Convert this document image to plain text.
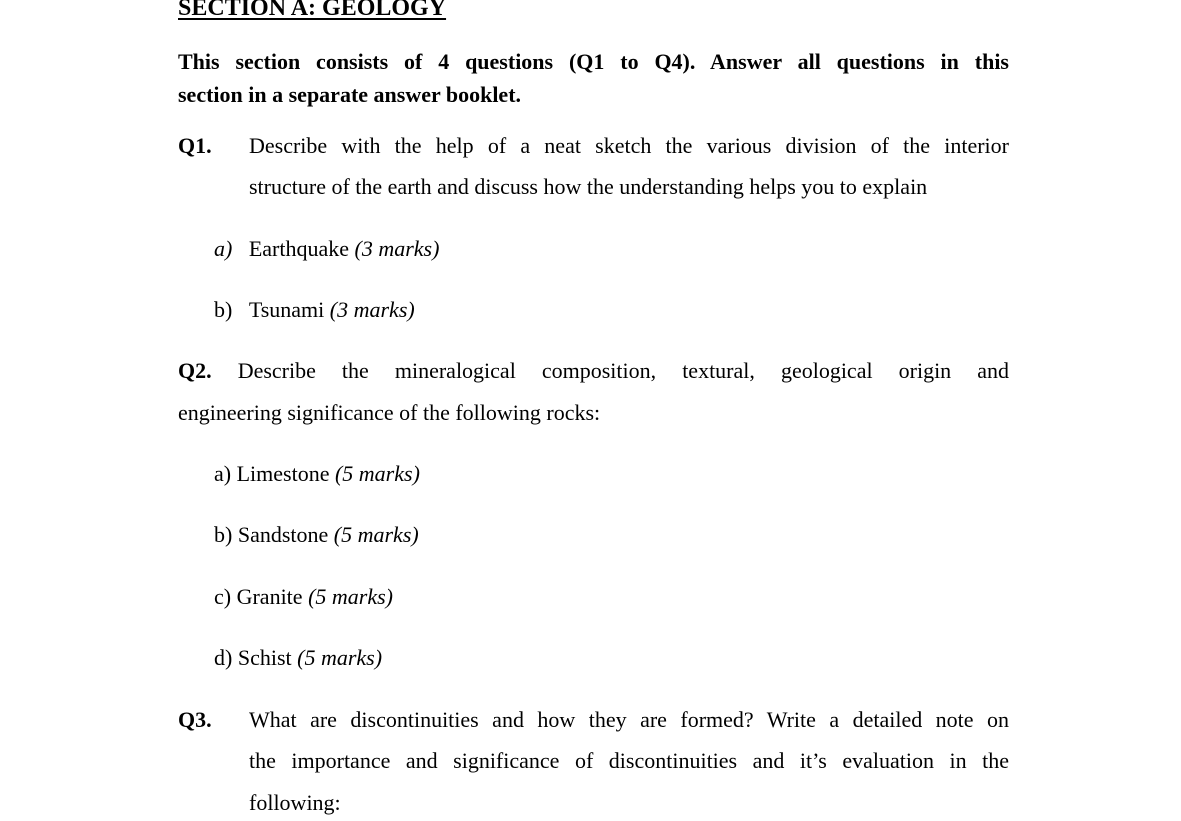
SECTION A: GEOLOGY
This section consists of 4 questions (Q1 to Q4). Answer all questions in this
section in a separate answer booklet.
Q1. Describe with the help of a neat sketch the various division of the interior
structure of the earth and discuss how the understanding helps you to explain
a) Earthquake (3 marks)
b) Tsunami (3 marks)
Q2. Describe the mineralogical composition, textural, geological origin and
engineering significance of the following rocks:
a) Limestone (5 marks)
b) Sandstone (5 marks)
c) Granite (5 marks)
d) Schist (5 marks)
Q3. What are discontinuities and how they are formed? Write a detailed note on
the importance and significance of discontinuities and it’s evaluation in the
following:
